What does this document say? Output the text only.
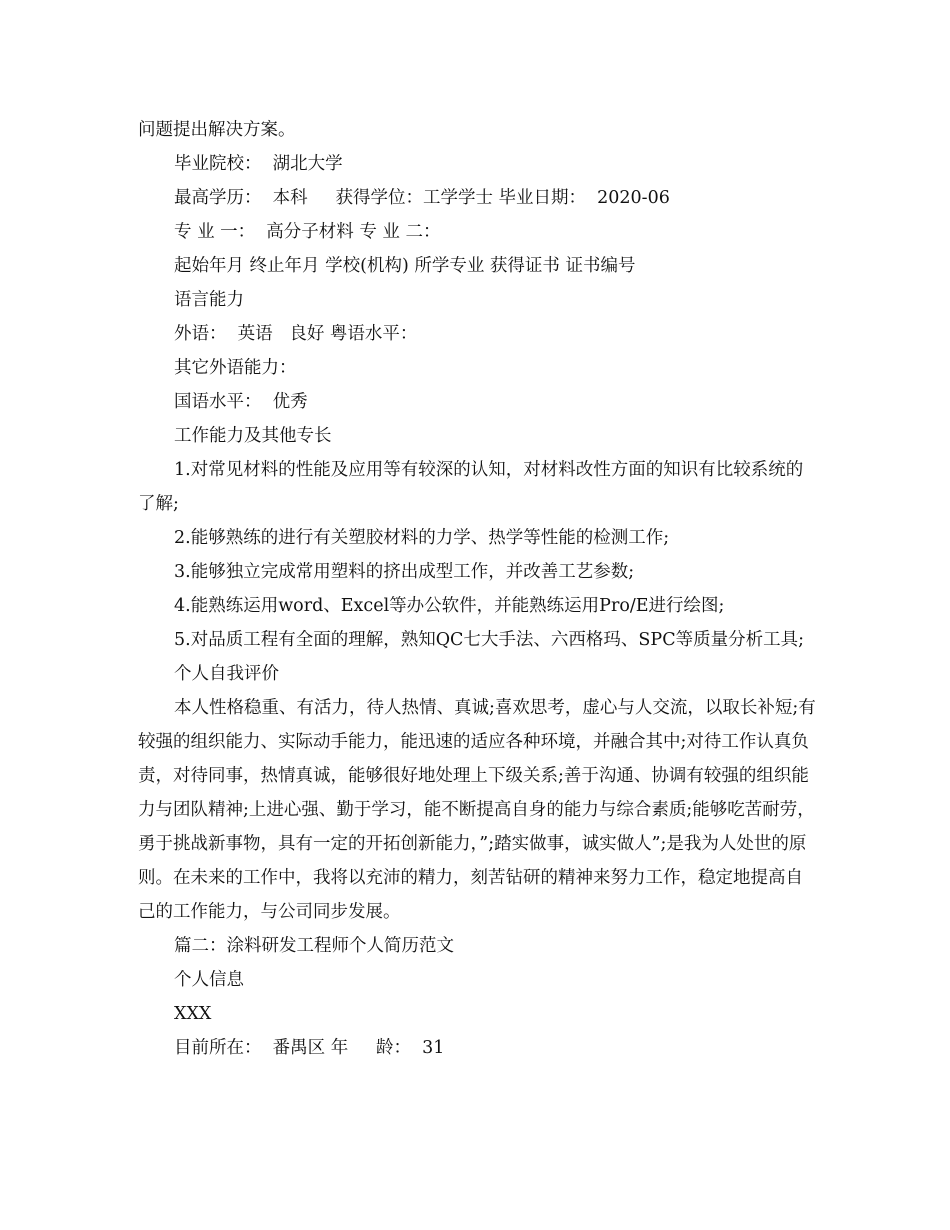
问题提出解决方案。

毕业院校：  湖北大学

最高学历：  本科     获得学位：工学学士 毕业日期：  2020-06

专 业 一：  高分子材料 专 业 二：

起始年月 终止年月 学校(机构) 所学专业 获得证书 证书编号

语言能力

外语：  英语   良好 粤语水平：

其它外语能力：

国语水平：  优秀

工作能力及其他专长

1.对常见材料的性能及应用等有较深的认知，对材料改性方面的知识有比较系统的了解;

2.能够熟练的进行有关塑胶材料的力学、热学等性能的检测工作;

3.能够独立完成常用塑料的挤出成型工作，并改善工艺参数;

4.能熟练运用word、Excel等办公软件，并能熟练运用Pro/E进行绘图;

5.对品质工程有全面的理解，熟知QC七大手法、六西格玛、SPC等质量分析工具;

个人自我评价

本人性格稳重、有活力，待人热情、真诚;喜欢思考，虚心与人交流，以取长补短;有较强的组织能力、实际动手能力，能迅速的适应各种环境，并融合其中;对待工作认真负责，对待同事，热情真诚，能够很好地处理上下级关系;善于沟通、协调有较强的组织能力与团队精神;上进心强、勤于学习，能不断提高自身的能力与综合素质;能够吃苦耐劳，勇于挑战新事物，具有一定的开拓创新能力，”;踏实做事，诚实做人”;是我为人处世的原则。在未来的工作中，我将以充沛的精力，刻苦钻研的精神来努力工作，稳定地提高自己的工作能力，与公司同步发展。

篇二：涂料研发工程师个人简历范文

个人信息

XXX

目前所在：  番禺区 年     龄：  31
